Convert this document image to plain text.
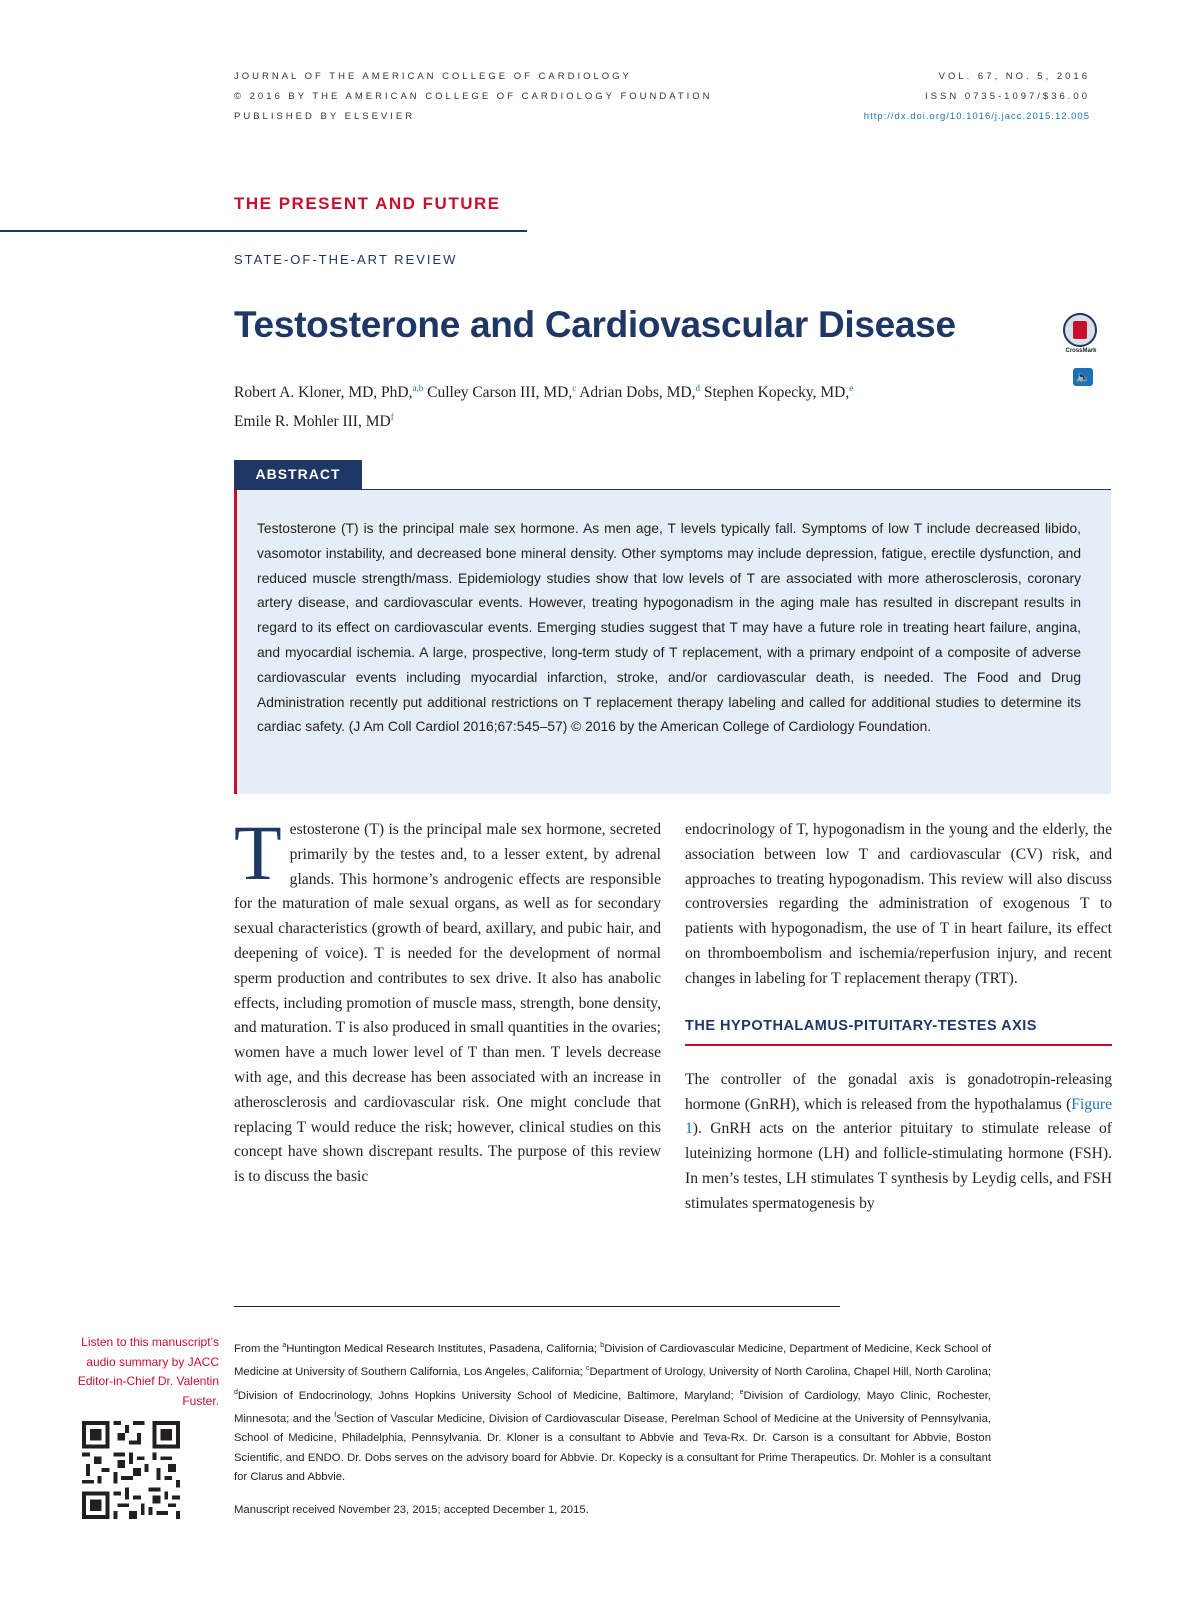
JOURNAL OF THE AMERICAN COLLEGE OF CARDIOLOGY
© 2016 BY THE AMERICAN COLLEGE OF CARDIOLOGY FOUNDATION
PUBLISHED BY ELSEVIER
VOL. 67, NO. 5, 2016
ISSN 0735-1097/$36.00
http://dx.doi.org/10.1016/j.jacc.2015.12.005
THE PRESENT AND FUTURE
STATE-OF-THE-ART REVIEW
Testosterone and Cardiovascular Disease
CrossMark
🔈
Robert A. Kloner, MD, PhD,$^{a,b}$ Culley Carson III, MD,$^c$ Adrian Dobs, MD,$^d$ Stephen Kopecky, MD,$^e$
Emile R. Mohler III, $MD^f$
ABSTRACT

Testosterone (T) is the principal male sex hormone. As men age, T levels typically fall. Symptoms of low T include decreased libido, vasomotor instability, and decreased bone mineral density. Other symptoms may include depression, fatigue, erectile dysfunction, and reduced muscle strength/mass. Epidemiology studies show that low levels of T are associated with more atherosclerosis, coronary artery disease, and cardiovascular events. However, treating hypogonadism in the aging male has resulted in discrepant results in regard to its effect on cardiovascular events. Emerging studies suggest that T may have a future role in treating heart failure, angina, and myocardial ischemia. A large, prospective, long-term study of T replacement, with a primary endpoint of a composite of adverse cardiovascular events including myocardial infarction, stroke, and/or cardiovascular death, is needed. The Food and Drug Administration recently put additional restrictions on T replacement therapy labeling and called for additional studies to determine its cardiac safety. (J Am Coll Cardiol 2016;67:545–57) © 2016 by the American College of Cardiology Foundation.

Testosterone (T) is the principal male sex hormone, secreted primarily by the testes and, to a lesser extent, by adrenal glands. This hormone’s androgenic effects are responsible for the maturation of male sexual organs, as well as for secondary sexual characteristics (growth of beard, axillary, and pubic hair, and deepening of voice). T is needed for the development of normal sperm production and contributes to sex drive. It also has anabolic effects, including promotion of muscle mass, strength, bone density, and maturation. T is also produced in small quantities in the ovaries; women have a much lower level of T than men. T levels decrease with age, and this decrease has been associated with an increase in atherosclerosis and cardiovascular risk. One might conclude that replacing T would reduce the risk; however, clinical studies on this concept have shown discrepant results. The purpose of this review is to discuss the basic

endocrinology of T, hypogonadism in the young and the elderly, the association between low T and cardiovascular (CV) risk, and approaches to treating hypogonadism. This review will also discuss controversies regarding the administration of exogenous T to patients with hypogonadism, the use of T in heart failure, its effect on thromboembolism and ischemia/reperfusion injury, and recent changes in labeling for T replacement therapy (TRT).

THE HYPOTHALAMUS-PITUITARY-TESTES AXIS

The controller of the gonadal axis is gonadotropin-releasing hormone (GnRH), which is released from the hypothalamus (Figure 1). GnRH acts on the anterior pituitary to stimulate release of luteinizing hormone (LH) and follicle-stimulating hormone (FSH). In men’s testes, LH stimulates T synthesis by Leydig cells, and FSH stimulates spermatogenesis by

Listen to this manuscript’s audio summary by JACC Editor-in-Chief Dr. Valentin Fuster.

From the $^a$Huntington Medical Research Institutes, Pasadena, California; $^b$Division of Cardiovascular Medicine, Department of Medicine, Keck School of Medicine at University of Southern California, Los Angeles, California; $^c$Department of Urology, University of North Carolina, Chapel Hill, North Carolina; $^d$Division of Endocrinology, Johns Hopkins University School of Medicine, Baltimore, Maryland; $^e$Division of Cardiology, Mayo Clinic, Rochester, Minnesota; and the $^f$Section of Vascular Medicine, Division of Cardiovascular Disease, Perelman School of Medicine at the University of Pennsylvania, School of Medicine, Philadelphia, Pennsylvania. Dr. Kloner is a consultant to Abbvie and Teva-Rx. Dr. Carson is a consultant for Abbvie, Boston Scientific, and ENDO. Dr. Dobs serves on the advisory board for Abbvie. Dr. Kopecky is a consultant for Prime Therapeutics. Dr. Mohler is a consultant for Clarus and Abbvie.

Manuscript received November 23, 2015; accepted December 1, 2015.
